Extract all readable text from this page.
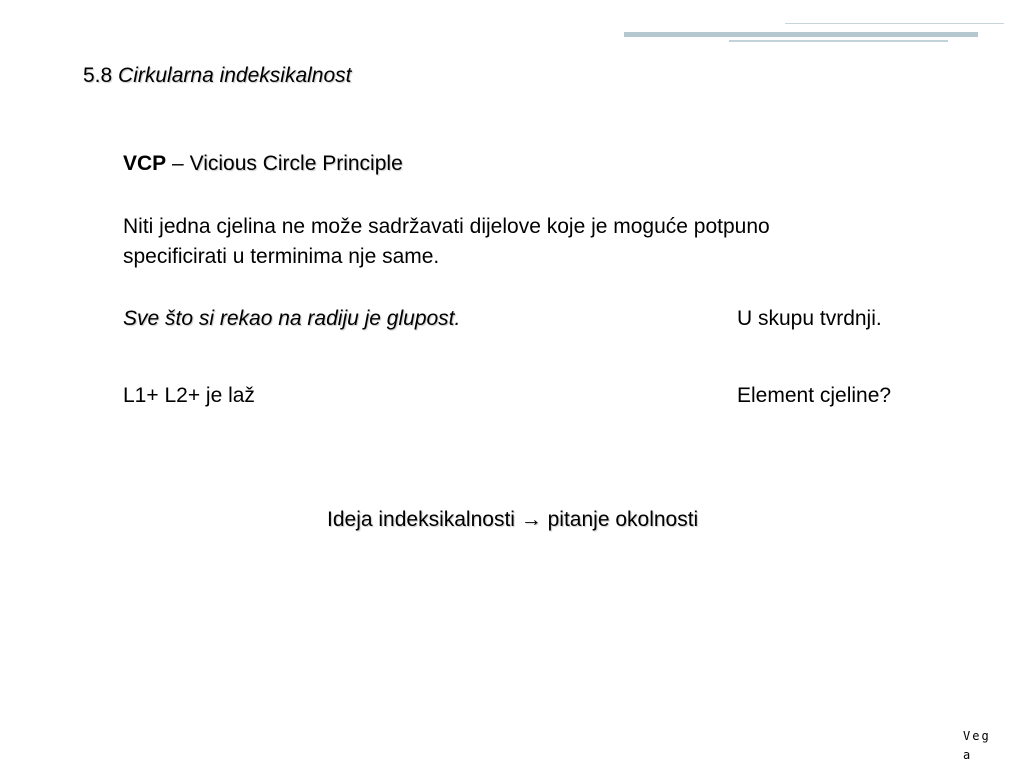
5.8 Cirkularna indeksikalnost
VCP – Vicious Circle Principle
Niti jedna cjelina ne može sadržavati dijelove koje je moguće potpuno
specificirati u terminima nje same.
Sve što si rekao na radiju je glupost.	U skupu tvrdnji.
L1+ L2+ je laž	Element cjeline?
Ideja indeksikalnosti → pitanje okolnosti
Vega
